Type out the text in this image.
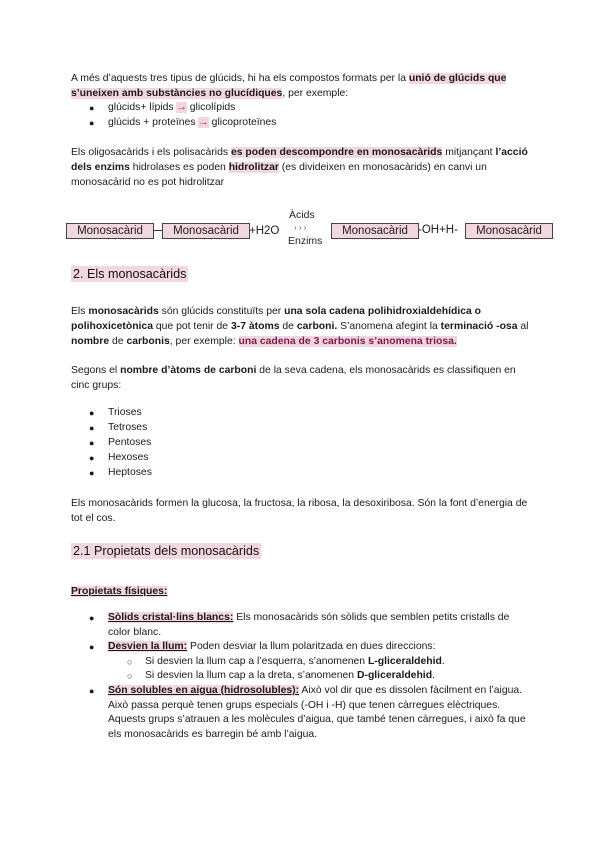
A més d’aquests tres tipus de glúcids, hi ha els compostos formats per la unió de glúcids que s’uneixen amb substàncies no glucídiques, per exemple:

● glúcids+ lípids → glicolípids
● glúcids + proteïnes → glicoproteïnes

Els oligosacàrids i els polisacàrids es poden descompondre en monosacàrids mitjançant l’acció dels enzims hidrolases es poden hidrolitzar (es divideixen en monosacàrids) en canvi un monosacàrid no es pot hidrolitzar

Monosacàrid	Monosacàrid +H2O
Àcids
› › ›
Enzims
Monosacàrid -OH+H-	Monosacàrid
2. Els monosacàrids

Els monosacàrids són glúcids constituïts per una sola cadena polihidroxialdehídica o polihoxicetònica que pot tenir de 3-7 àtoms de carboni. S’anomena afegint la terminació -osa al nombre de carbonis, per exemple: una cadena de 3 carbonis s’anomena triosa.

Segons el nombre d’àtoms de carboni de la seva cadena, els monosacàrids es classifiquen en cinc grups:

● Trioses
● Tetroses
● Pentoses
● Hexoses
● Heptoses

Els monosacàrids formen la glucosa, la fructosa, la ribosa, la desoxiribosa. Són la font d’energia de tot el cos.

2.1 Propietats dels monosacàrids

Propietats físiques:

● Sòlids cristal·lins blancs: Els monosacàrids són sòlids que semblen petits cristalls de color blanc.
● Desvien la llum: Poden desviar la llum polaritzada en dues direccions:
○ Si desvien la llum cap a l’esquerra, s’anomenen L-gliceraldehid.
○ Si desvien la llum cap a la dreta, s’anomenen D-gliceraldehid.
● Són solubles en aigua (hidrosolubles): Això vol dir que es dissolen fàcilment en l’aigua. Això passa perquè tenen grups especials (-OH i -H) que tenen càrregues elèctriques. Aquests grups s’atrauen a les molècules d’aigua, que també tenen càrregues, i això fa que els monosacàrids es barregin bé amb l’aigua.
